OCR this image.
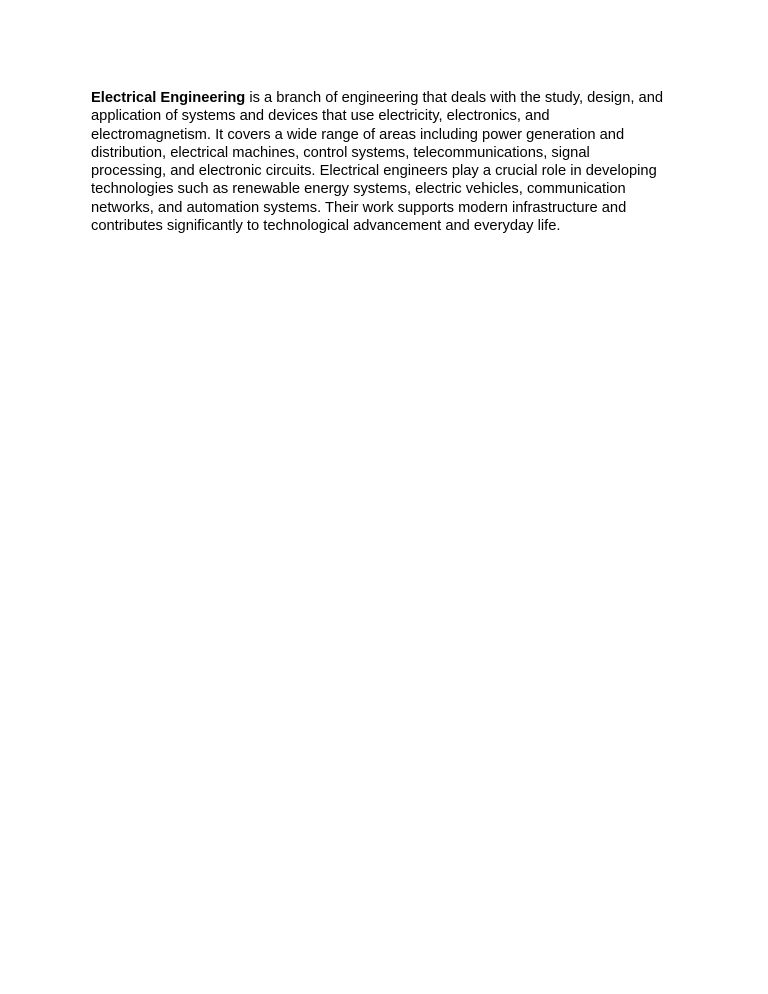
Electrical Engineering is a branch of engineering that deals with the study, design, and
application of systems and devices that use electricity, electronics, and
electromagnetism. It covers a wide range of areas including power generation and
distribution, electrical machines, control systems, telecommunications, signal
processing, and electronic circuits. Electrical engineers play a crucial role in developing
technologies such as renewable energy systems, electric vehicles, communication
networks, and automation systems. Their work supports modern infrastructure and
contributes significantly to technological advancement and everyday life.
